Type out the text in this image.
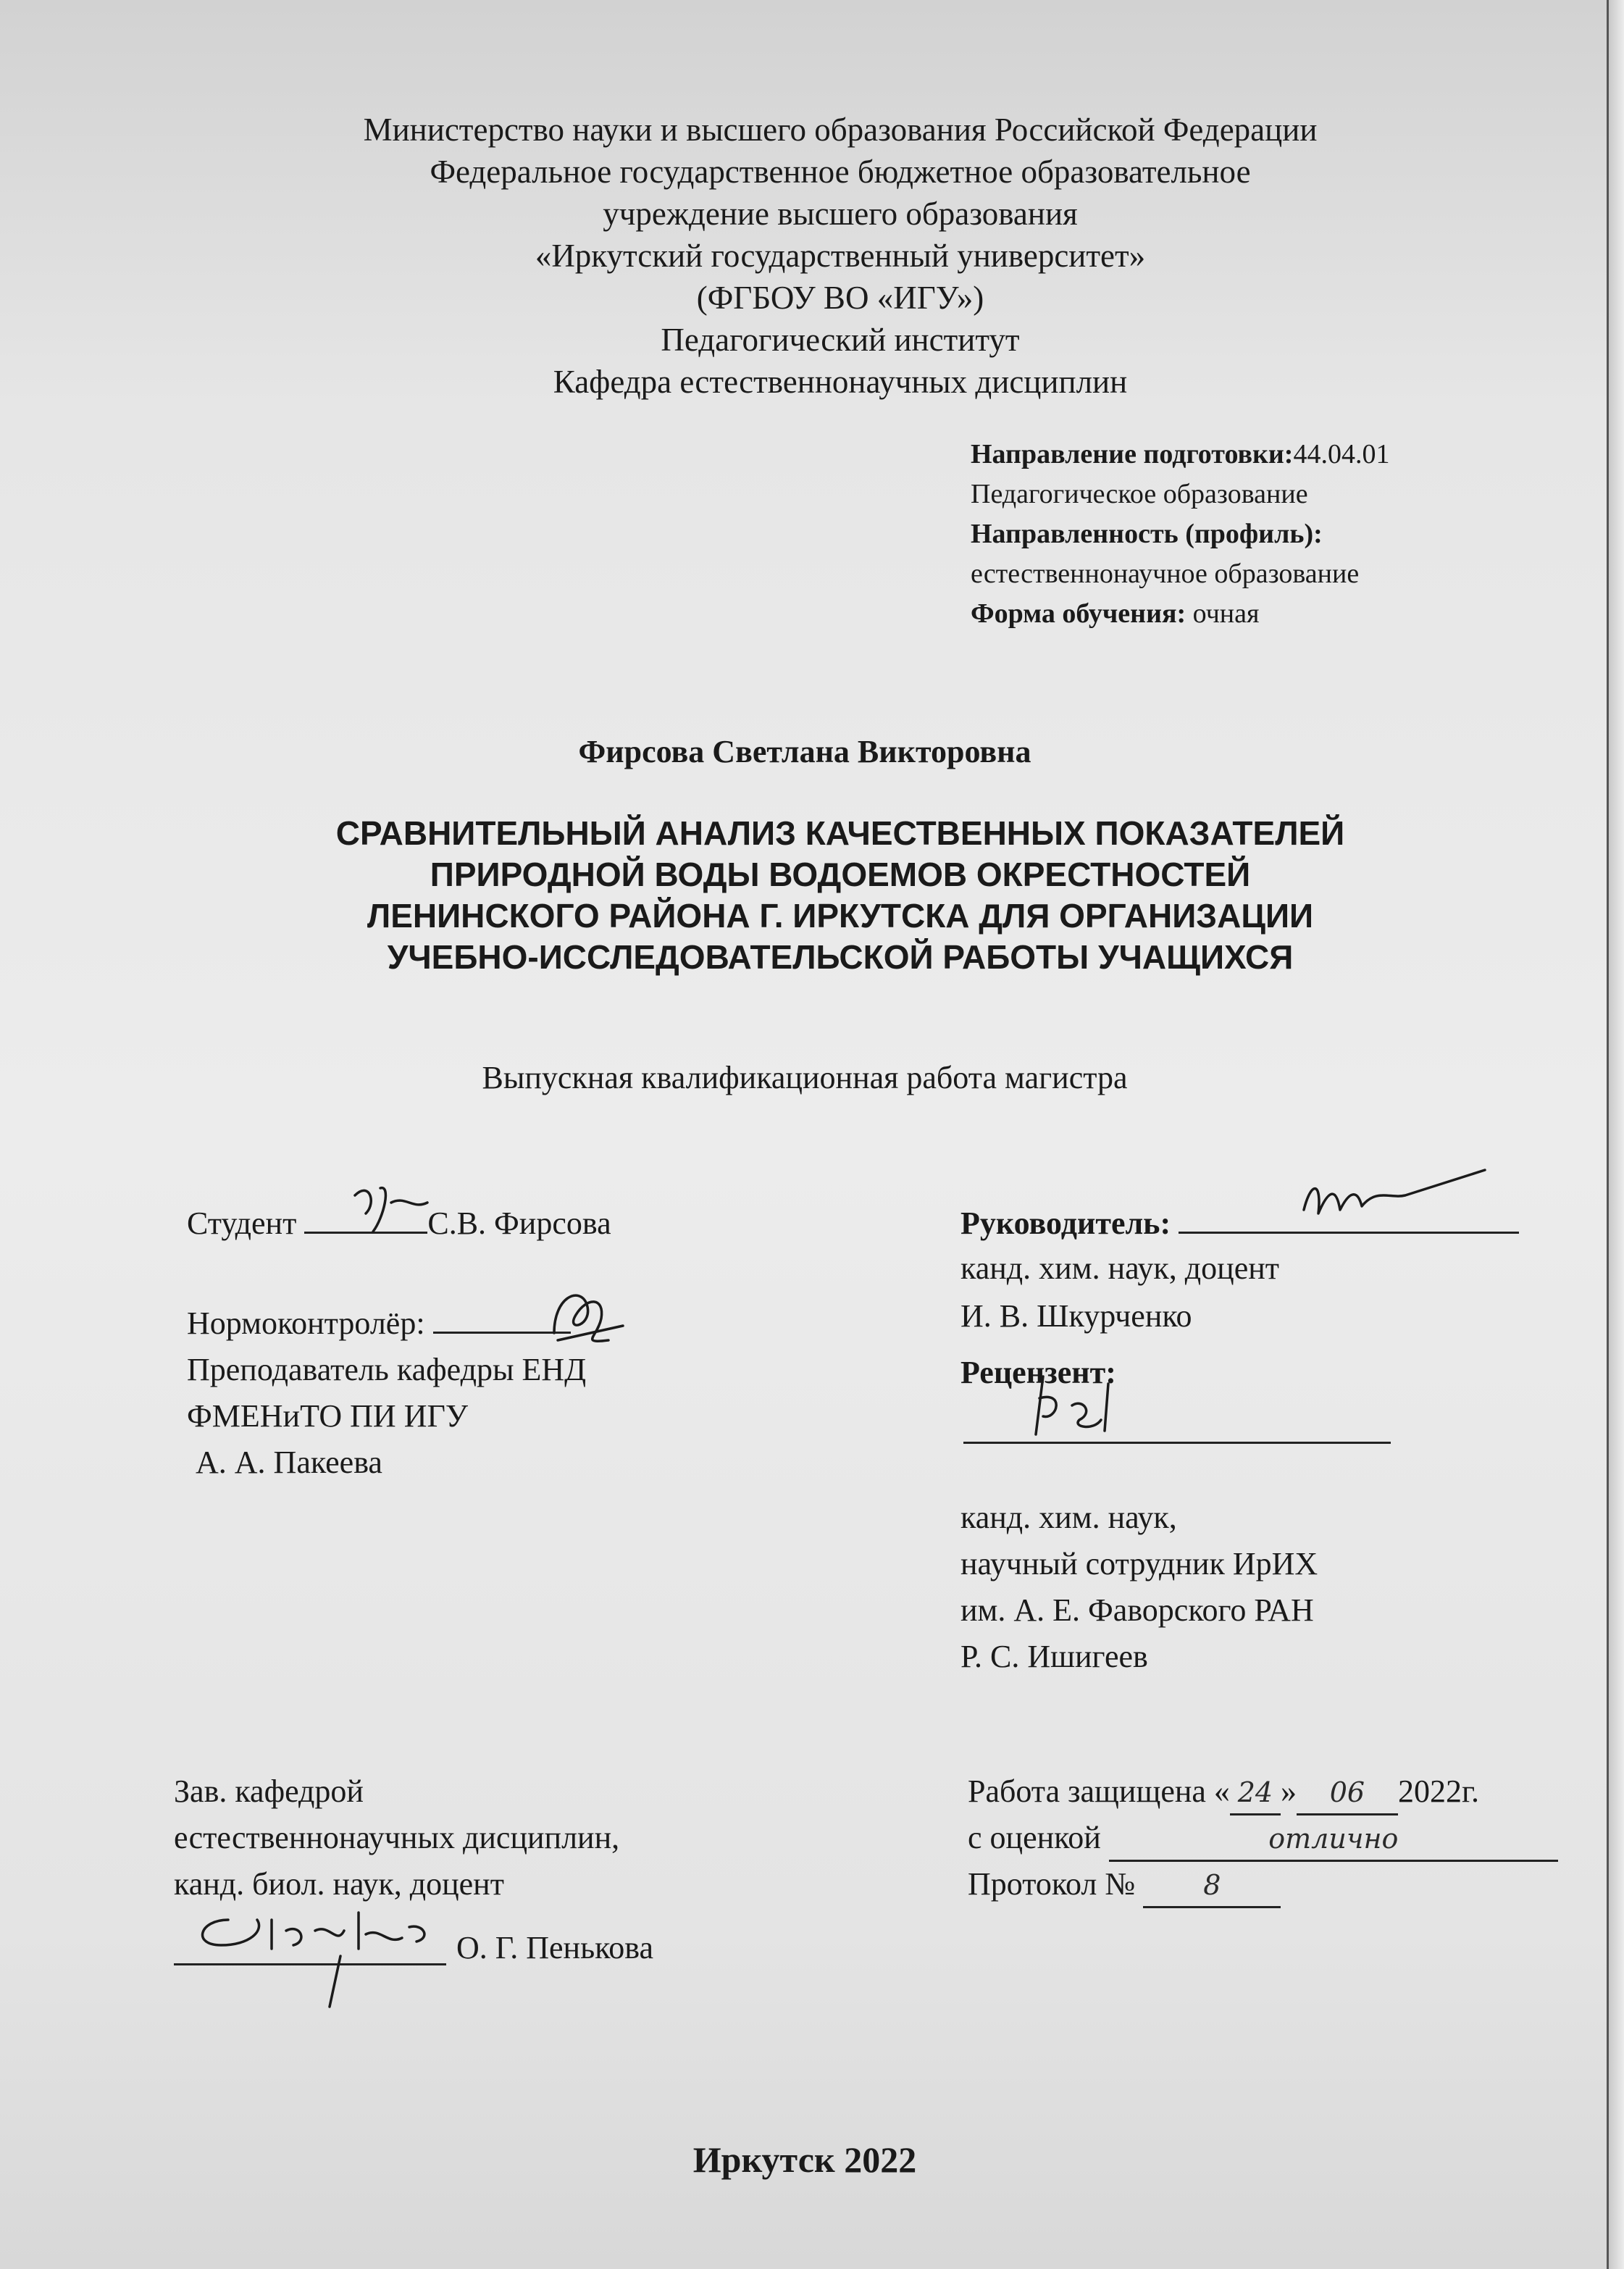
Министерство науки и высшего образования Российской Федерации
Федеральное государственное бюджетное образовательное
учреждение высшего образования
«Иркутский государственный университет»
(ФГБОУ ВО «ИГУ»)
Педагогический институт
Кафедра естественнонаучных дисциплин
Направление подготовки:44.04.01
Педагогическое образование
Направленность (профиль):
естественнонаучное образование
Форма обучения: очная
Фирсова Светлана Викторовна
СРАВНИТЕЛЬНЫЙ АНАЛИЗ КАЧЕСТВЕННЫХ ПОКАЗАТЕЛЕЙ
ПРИРОДНОЙ ВОДЫ ВОДОЕМОВ ОКРЕСТНОСТЕЙ
ЛЕНИНСКОГО РАЙОНА Г. ИРКУТСКА ДЛЯ ОРГАНИЗАЦИИ
УЧЕБНО-ИССЛЕДОВАТЕЛЬСКОЙ РАБОТЫ УЧАЩИХСЯ
Выпускная квалификационная работа магистра
Студент	С.В. Фирсова	Руководитель:
канд. хим. наук, доцент
И. В. Шкурченко
Нормоконтролёр:
Преподаватель кафедры ЕНД
ФМЕНиТО ПИ ИГУ
А. А. Пакеева
Рецензент:
канд. хим. наук,
научный сотрудник ИрИХ
им. А. Е. Фаворского РАН
Р. С. Ишигеев
Зав. кафедрой
естественнонаучных дисциплин,
канд. биол. наук, доцент
О. Г. Пенькова
Работа защищена « 24 » 06 2022г.
с оценкой	отлично
Протокол № 8
Иркутск 2022
